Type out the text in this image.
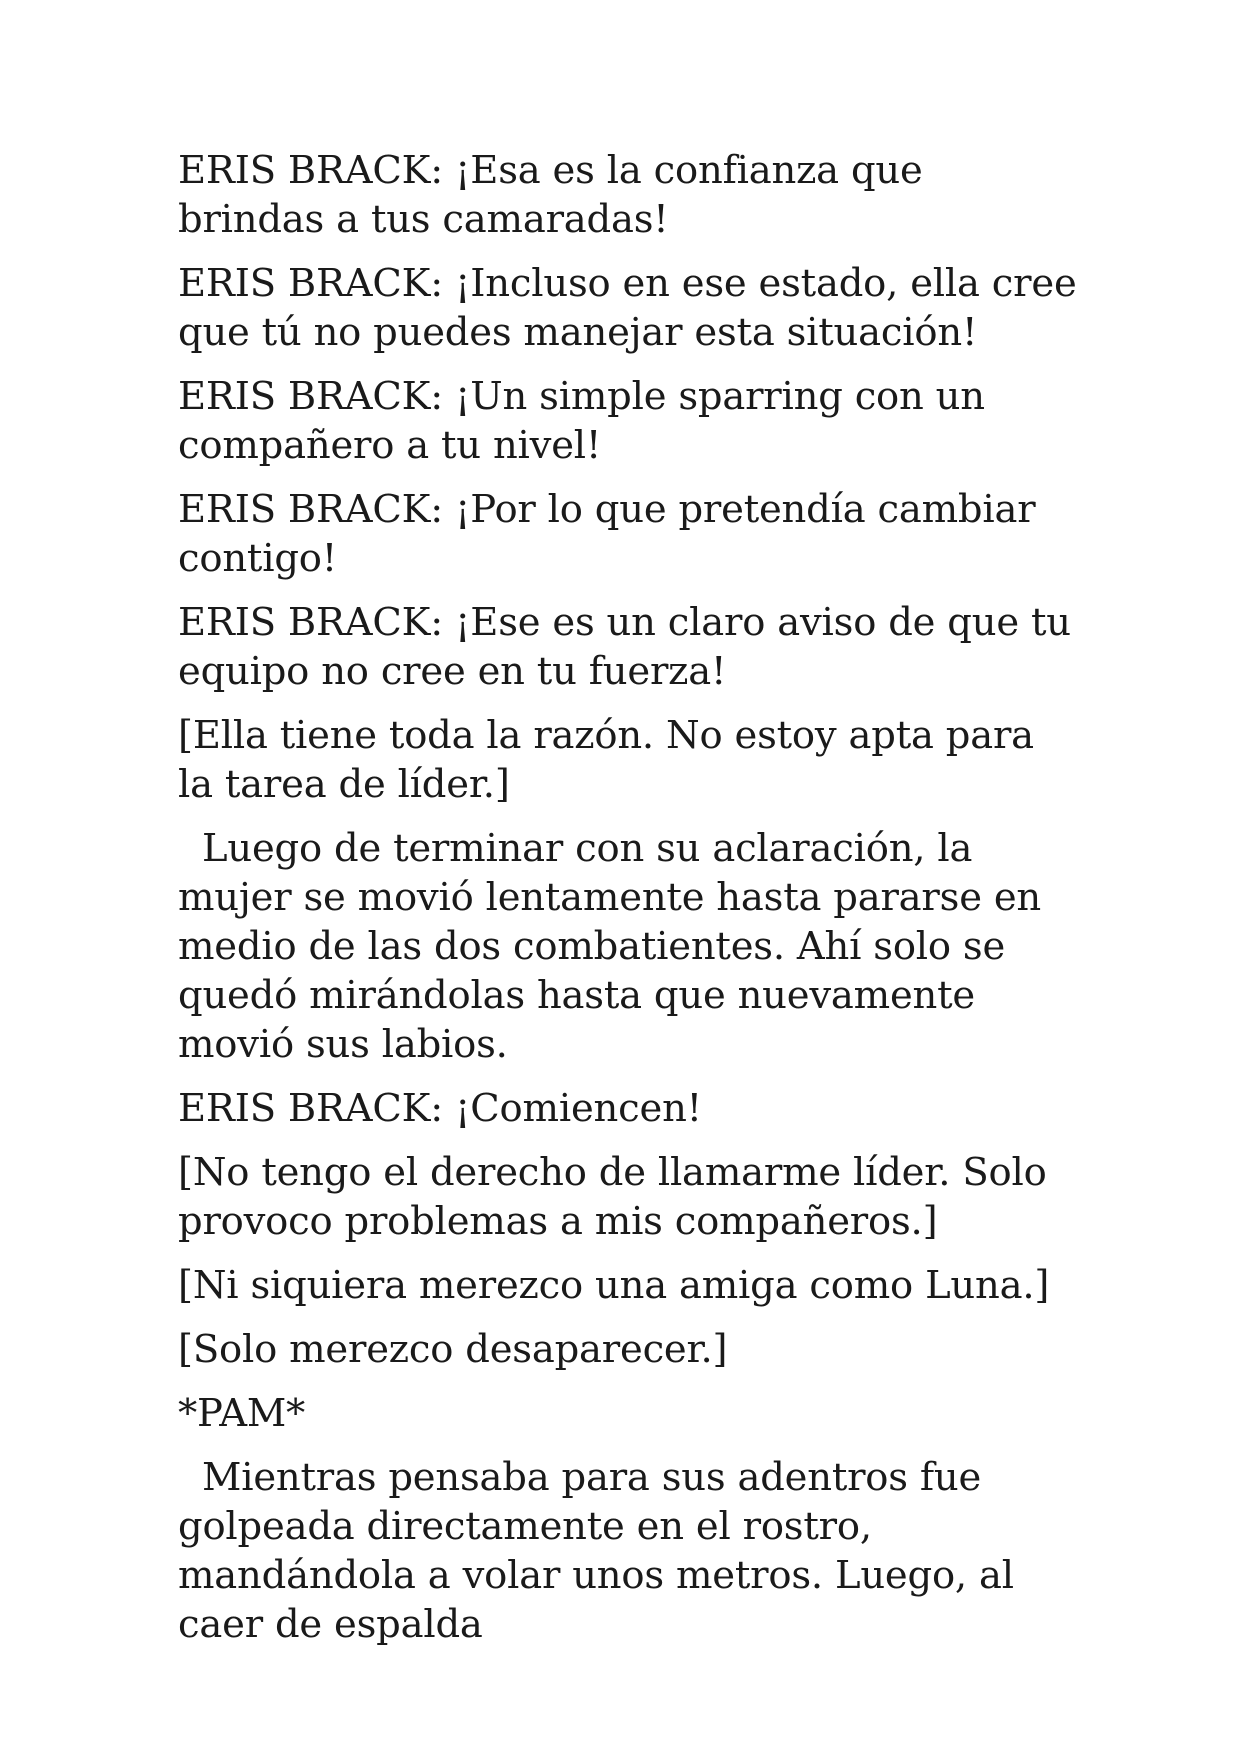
ERIS BRACK: ¡Esa es la confianza que brindas a tus camaradas!

ERIS BRACK: ¡Incluso en ese estado, ella cree que tú no puedes manejar esta situación!

ERIS BRACK: ¡Un simple sparring con un compañero a tu nivel!

ERIS BRACK: ¡Por lo que pretendía cambiar contigo!

ERIS BRACK: ¡Ese es un claro aviso de que tu equipo no cree en tu fuerza!

[Ella tiene toda la razón. No estoy apta para la tarea de líder.]

Luego de terminar con su aclaración, la mujer se movió lentamente hasta pararse en medio de las dos combatientes. Ahí solo se quedó mirándolas hasta que nuevamente movió sus labios.

ERIS BRACK: ¡Comiencen!

[No tengo el derecho de llamarme líder. Solo provoco problemas a mis compañeros.]

[Ni siquiera merezco una amiga como Luna.]

[Solo merezco desaparecer.]

*PAM*

Mientras pensaba para sus adentros fue golpeada directamente en el rostro, mandándola a volar unos metros. Luego, al caer de espalda
